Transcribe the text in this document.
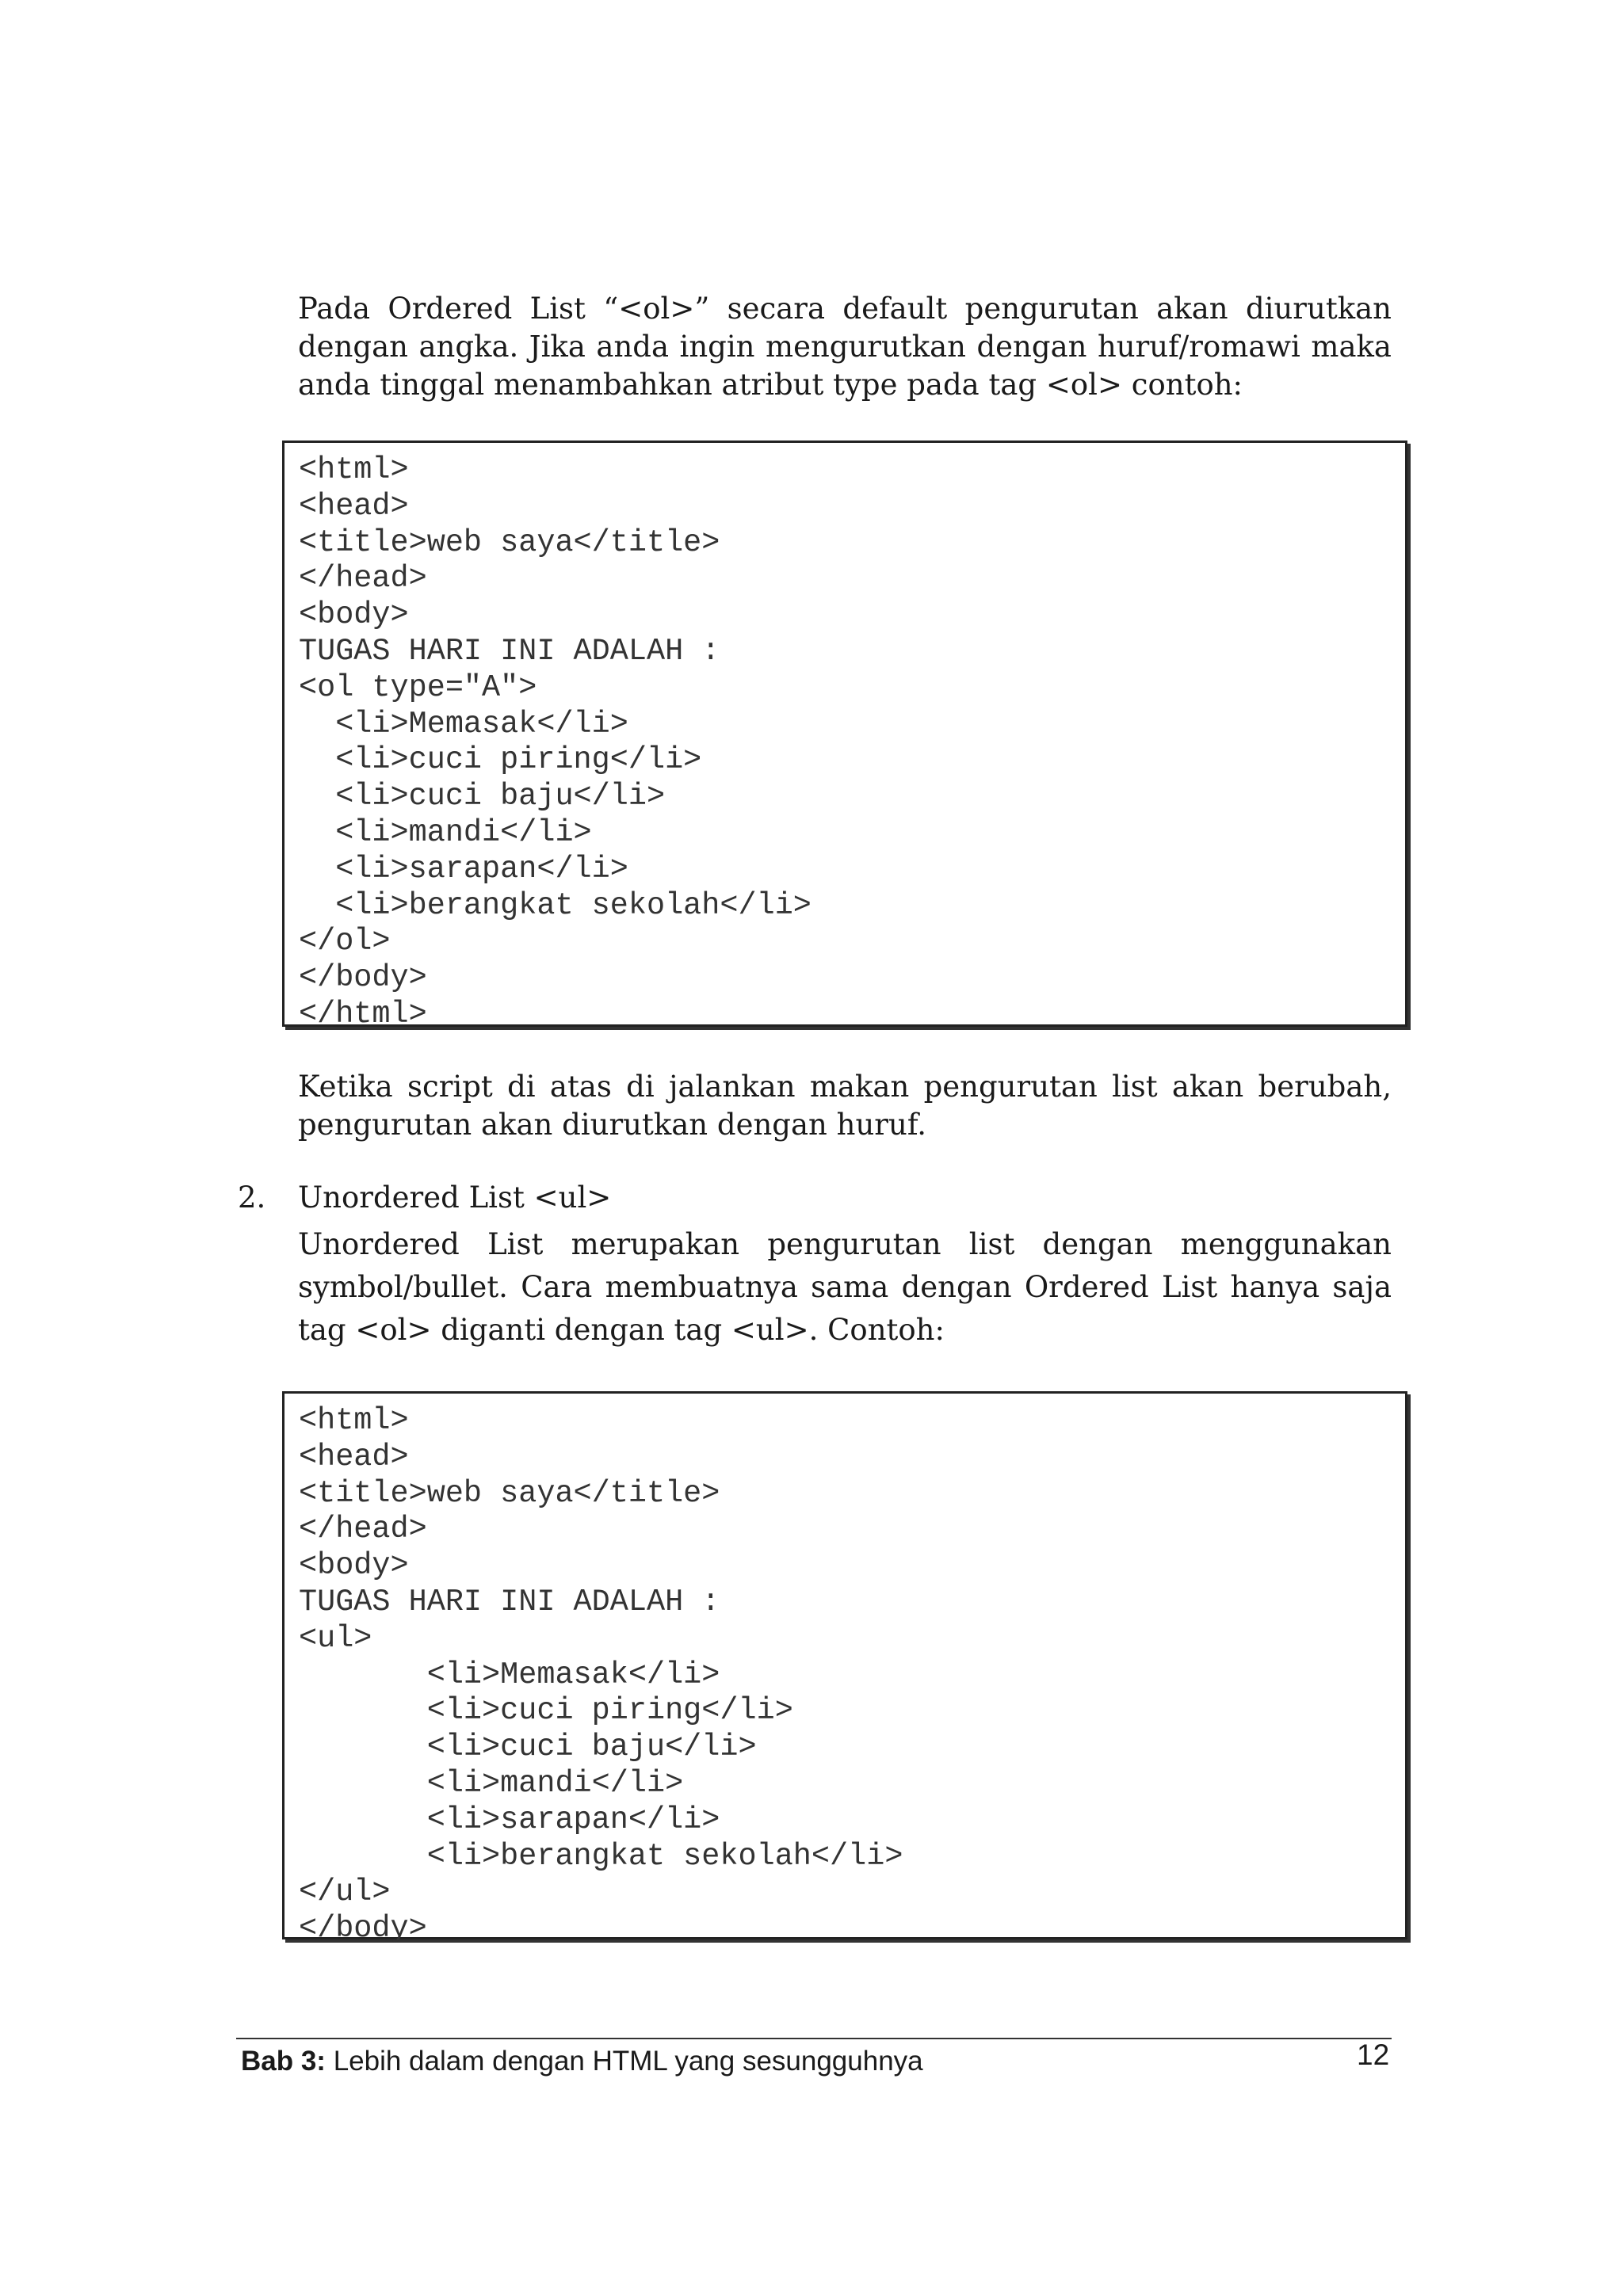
Pada Ordered List “<ol>” secara default pengurutan akan diurutkan dengan angka. Jika anda ingin mengurutkan dengan huruf/romawi maka anda tinggal menambahkan atribut type pada tag <ol> contoh:

<html>
<head>
<title>web saya</title>
</head>
<body>
TUGAS HARI INI ADALAH :
<ol type="A">
<li>Memasak</li>
<li>cuci piring</li>
<li>cuci baju</li>
<li>mandi</li>
<li>sarapan</li>
<li>berangkat sekolah</li>
</ol>
</body>
</html>

Ketika script di atas di jalankan makan pengurutan list akan berubah, pengurutan akan diurutkan dengan huruf.

2. Unordered List <ul>

Unordered List merupakan pengurutan list dengan menggunakan symbol/bullet. Cara membuatnya sama dengan Ordered List hanya saja tag <ol> diganti dengan tag <ul>. Contoh:

<html>
<head>
<title>web saya</title>
</head>
<body>
TUGAS HARI INI ADALAH :
<ul>
<li>Memasak</li>
<li>cuci piring</li>
<li>cuci baju</li>
<li>mandi</li>
<li>sarapan</li>
<li>berangkat sekolah</li>
</ul>
</body>
Bab 3: Lebih dalam dengan HTML yang sesungguhnya	12
